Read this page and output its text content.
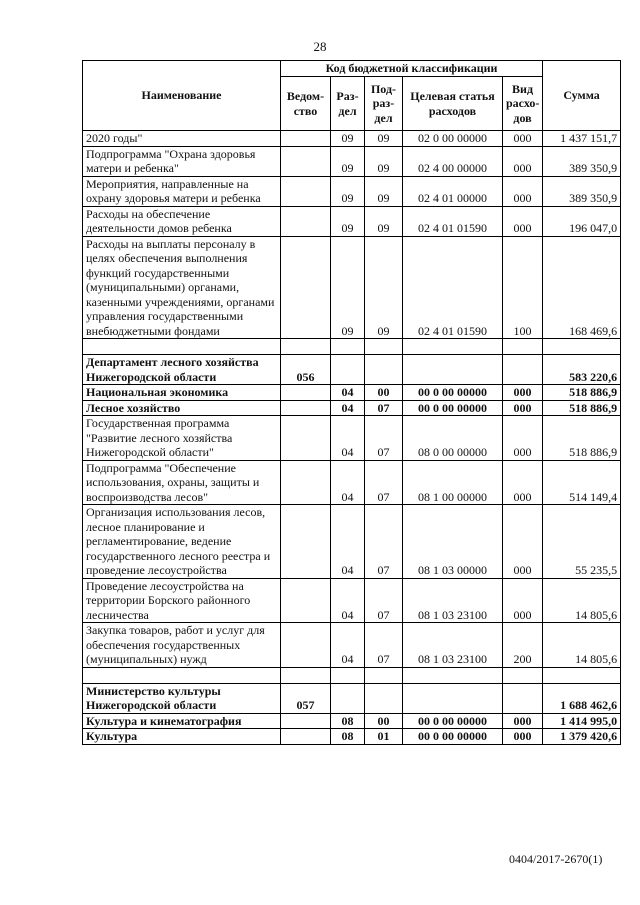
28
Наименование	Код бюджетной классификации					Сумма
	Ведом-ство	Раз-дел	Под-раз-дел	Целевая статья расходов	Вид расхо-дов	
2020 годы"		09	09	02 0 00 00000	000	1 437 151,7
Подпрограмма "Охрана здоровья матери и ребенка"		09	09	02 4 00 00000	000	389 350,9
Мероприятия, направленные на охрану здоровья матери и ребенка		09	09	02 4 01 00000	000	389 350,9
Расходы на обеспечение деятельности домов ребенка		09	09	02 4 01 01590	000	196 047,0
Расходы на выплаты персоналу в целях обеспечения выполнения функций государственными (муниципальными) органами, казенными учреждениями, органами управления государственными внебюджетными фондами		09	09	02 4 01 01590	100	168 469,6

Департамент лесного хозяйства Нижегородской области	056					583 220,6
Национальная экономика		04	00	00 0 00 00000	000	518 886,9
Лесное хозяйство		04	07	00 0 00 00000	000	518 886,9
Государственная программа "Развитие лесного хозяйства Нижегородской области"		04	07	08 0 00 00000	000	518 886,9
Подпрограмма "Обеспечение использования, охраны, защиты и воспроизводства лесов"		04	07	08 1 00 00000	000	514 149,4
Организация использования лесов, лесное планирование и регламентирование, ведение государственного лесного реестра и проведение лесоустройства		04	07	08 1 03 00000	000	55 235,5
Проведение лесоустройства на территории Борского районного лесничества		04	07	08 1 03 23100	000	14 805,6
Закупка товаров, работ и услуг для обеспечения государственных (муниципальных) нужд		04	07	08 1 03 23100	200	14 805,6

Министерство культуры Нижегородской области	057					1 688 462,6
Культура и кинематография		08	00	00 0 00 00000	000	1 414 995,0
Культура		08	01	00 0 00 00000	000	1 379 420,6
0404/2017-2670(1)
